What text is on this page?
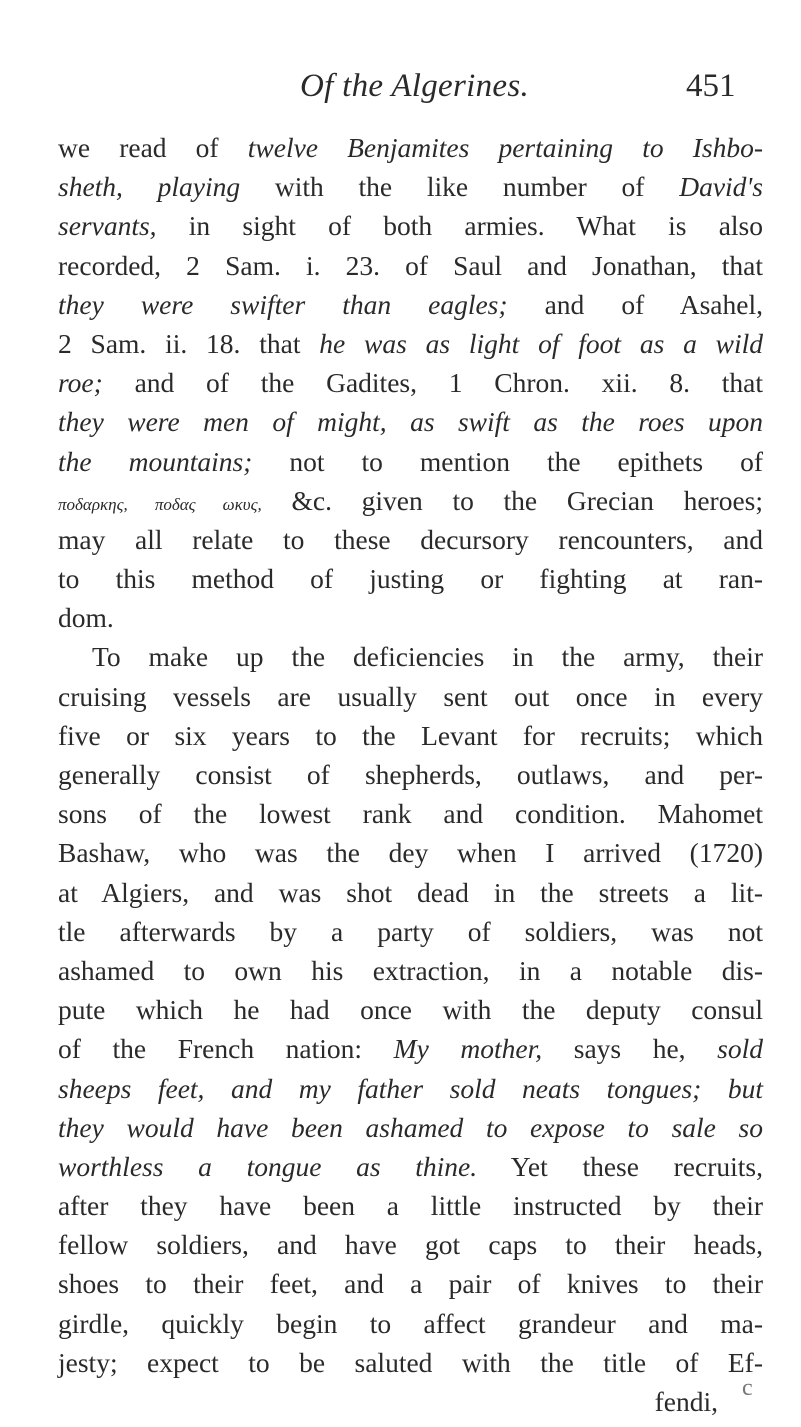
Of the Algerines.	451
we read of twelve Benjamites pertaining to Ishbo-
sheth, playing with the like number of David's
servants, in sight of both armies. What is also
recorded, 2 Sam. i. 23. of Saul and Jonathan, that
they were swifter than eagles; and of Asahel,
2 Sam. ii. 18. that he was as light of foot as a wild
roe; and of the Gadites, 1 Chron. xii. 8. that
they were men of might, as swift as the roes upon
the mountains; not to mention the epithets of
ποδαρκης, ποδας ωκυς, &c. given to the Grecian heroes;
may all relate to these decursory rencounters, and
to this method of justing or fighting at ran-
dom.
To make up the deficiencies in the army, their
cruising vessels are usually sent out once in every
five or six years to the Levant for recruits; which
generally consist of shepherds, outlaws, and per-
sons of the lowest rank and condition. Mahomet
Bashaw, who was the dey when I arrived (1720)
at Algiers, and was shot dead in the streets a lit-
tle afterwards by a party of soldiers, was not
ashamed to own his extraction, in a notable dis-
pute which he had once with the deputy consul
of the French nation: My mother, says he, sold
sheeps feet, and my father sold neats tongues; but
they would have been ashamed to expose to sale so
worthless a tongue as thine. Yet these recruits,
after they have been a little instructed by their
fellow soldiers, and have got caps to their heads,
shoes to their feet, and a pair of knives to their
girdle, quickly begin to affect grandeur and ma-
jesty; expect to be saluted with the title of Ef-
fendi,	c
